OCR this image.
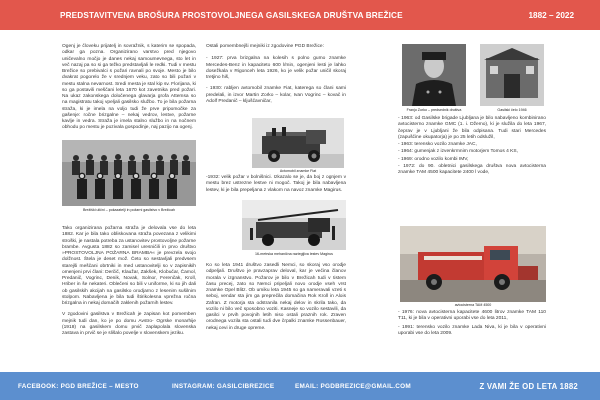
PREDSTAVITVENA BROŠURA PROSTOVOLJNEGA GASILSKEGA DRUŠTVA BREŽICE	1882 – 2022

Ogenj je človeku prijatelj in sovražnik, s katerim se spopada, odkar ga pozna. Organizirano varstvo pred njegovo uničevalno močjo je danes nekaj samoumevnega, sto let in več nazaj pa so si ga težko predstavljali le redki. Tudi v mestu Brežice so prebivalci s požari ravnali po svoje. Mesto je bilo dvakrat pogorelo že v srednjem veku, zato so bili požari v mestu stalna nevarnost. Sredi mesta je stal kip sv. Florijana, ki so ga postavili meščani leta 1670 kot zavetnika pred požari. Na ukaz zakonskega določenega glavarja grofa Attemsa so na magistratu takoj vpeljali gasilsko službo. To je bila požarna straža, ki je imela na voljo tudi že prve pripomočke za gašenje: ročne brizgalne – nekaj vedrov, lestve, požarne kavlje in vedra. Straža je imela stalno službo in na nočnem obhodu po mestu je pozivala gospodinje, naj pazijo na ogenj.

Brežiški ulični – pokazatelji in požarni gasilstvo v Brežicah

Tako organizirana požarna straža je delovala vse do leta 1882. Kar je bila tako obliskovana straža povezana z velikimi stroški, je nastala potreba za ustanovitev prostovoljne požarne brambe. Avgusta 1882 so zamisel uresničili in prvo društvo »PROSTOVOLJNA POŽARNA BRAMBA« je prevzela svojo dolžnost. Štela je deset mož. Četo so sestavljali predvsem starejši meščani obrtniki in med ustanovitelji so v zapisnikih omenjeni prvi člani: Derčič, Klaužar, Zakšek, Klobučar, Čamol, Predanič, Vogrinc, Denik, Novak, Solnor, Ferenčak, Kroll, Hriber in še nekateri. Oblečeni so bili v uniforme, ki so jih dali ob gasilskih akcijah na gasilsko orodjarno z lesenim sušilnim stolpom. Nabavljena je bila tudi štirikolesna vprežna ročna brizgalna in nekaj domačih zaklenih požarnih lestev.

V zgodovini gasilstva v Brežicah je zapisan kot pomemben mejnik tudi dan, ko je po domu Avstro- Ogrske monarhije (1918) na gasilskem domu prvič zaplapolala slovenska zastava in prvič se je slišalo povelje v slovenskem jeziku.

Ostali pomembnejši mejniki iz zgodovine PGD Brežice:

- 1927: prva brizgalna na kolesih s polno gumo znamke Mercedes-Benz in kapaciteto 600 l/min, ogenjeni lesti je lahko dosežkala v Rigonceh leta 1926, ko je velik požar uničil skoraj tretjino hiš,

- 1930: rabljen avtomobil znamke Fiat, katerega so člani sami predelali, in izvor Martin Zorko – kolar, Ivan Vogrinc – kovač in Adolf Predanič – kljuščavničar,

Avtomobil znamke Fiat

-1932: velik požar v bolnišnici. Izkazalo se je, da boj z ognjem v mestu brez ustrezne lestve ni mogoč. Takoj je bila nabavljena lestev, ki je bila prepeljana z vlakom na navoz znamke Magirus.

16-metrska mehanična raztegljiva lestev Magirus

Ko so leta 1941 društvo zasedli Nemci, so skoraj vso orodje odpeljali. Društvo je pravzaprav deloval, kar je večina članov morala v izgnanstvo. Požarov je bilo v Brežicah tudi v tistem času precej, zato so Nemci pripeljali novo orodje vseh vrst znamke Opel Blitz. Ob umiku leta 1945 so ga nameravali vzeti s seboj, vendar sta jim ga preprečila domačina Rok Kroll in Alois Zafran. Z motorja sta odstranila nekaj delov in skrila tako, da vozilo ni bilo več sposobno voziti. Kasneje so vozilo sestavili, da gasilci v prvih povojnih letih niso ostali praznih rok. Zraven orodnega vozila sta ostali tudi dve črpalki znamke Rossenbauer, nekaj cevi in druge opreme.

Franjo Zorko – predsednik društva	Gasilski čelo 1946

- 1963: od Gasilske brigade Ljubljana je bilo nabavljeno kombinirano avtocisterno znamke GMC (1. i. Džemo), ki je služila do leta 1967, čeprav je v Ljubljani že bila odpisana. Tudi stari Mercedes (zapuščine okupatorja) je po 25 letih odslužil,

- 1963: terensko vozilo znamke JAC,

- 1964: gumenjak z izvenkrmnim motorjem Tomos 4 KS,

- 1969: orodno vozilo kombi IMV,

- 1972: do 90. obletnici gasilskega društva nova avtocisterna znamke TAM 4500 kapacitete 2400 l vode,

avtocisterna TAM 4500

- 1976: nova avtocisterna kapacitete 4600 litrov znamke TAM 110 T11, ki je bila v operativni uporabi vse do leta 2011,

- 1991: terensko vozilo znamke Lada Niva, ki je bila v operativni uporabi vse do leta 2009.

FACEBOOK: PGD BREŽICE – MESTO	INSTAGRAM: GASILCIBREZICE	EMAIL: PGDBREZICE@GMAIL.COM	Z VAMI ŽE OD LETA 1882
